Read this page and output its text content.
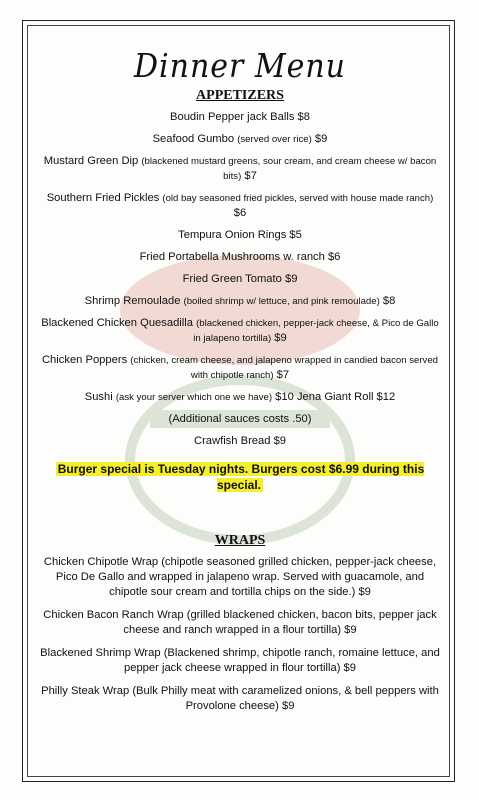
Dinner Menu
APPETIZERS
Boudin Pepper jack Balls $8
Seafood Gumbo (served over rice) $9
Mustard Green Dip (blackened mustard greens, sour cream, and cream cheese w/ bacon bits) $7
Southern Fried Pickles (old bay seasoned fried pickles, served with house made ranch) $6
Tempura Onion Rings $5
Fried Portabella Mushrooms w. ranch $6
Fried Green Tomato $9
Shrimp Remoulade (boiled shrimp w/ lettuce, and pink remoulade) $8
Blackened Chicken Quesadilla (blackened chicken, pepper-jack cheese, & Pico de Gallo in jalapeno tortilla) $9
Chicken Poppers (chicken, cream cheese, and jalapeno wrapped in candied bacon served with chipotle ranch) $7
Sushi (ask your server which one we have) $10 Jena Giant Roll $12
(Additional sauces costs .50)
Crawfish Bread $9
Burger special is Tuesday nights. Burgers cost $6.99 during this special.
WRAPS
Chicken Chipotle Wrap (chipotle seasoned grilled chicken, pepper-jack cheese, Pico De Gallo and wrapped in jalapeno wrap. Served with guacamole, and chipotle sour cream and tortilla chips on the side.) $9
Chicken Bacon Ranch Wrap (grilled blackened chicken, bacon bits, pepper jack cheese and ranch wrapped in a flour tortilla) $9
Blackened Shrimp Wrap (Blackened shrimp, chipotle ranch, romaine lettuce, and pepper jack cheese wrapped in flour tortilla) $9
Philly Steak Wrap (Bulk Philly meat with caramelized onions, & bell peppers with Provolone cheese) $9
